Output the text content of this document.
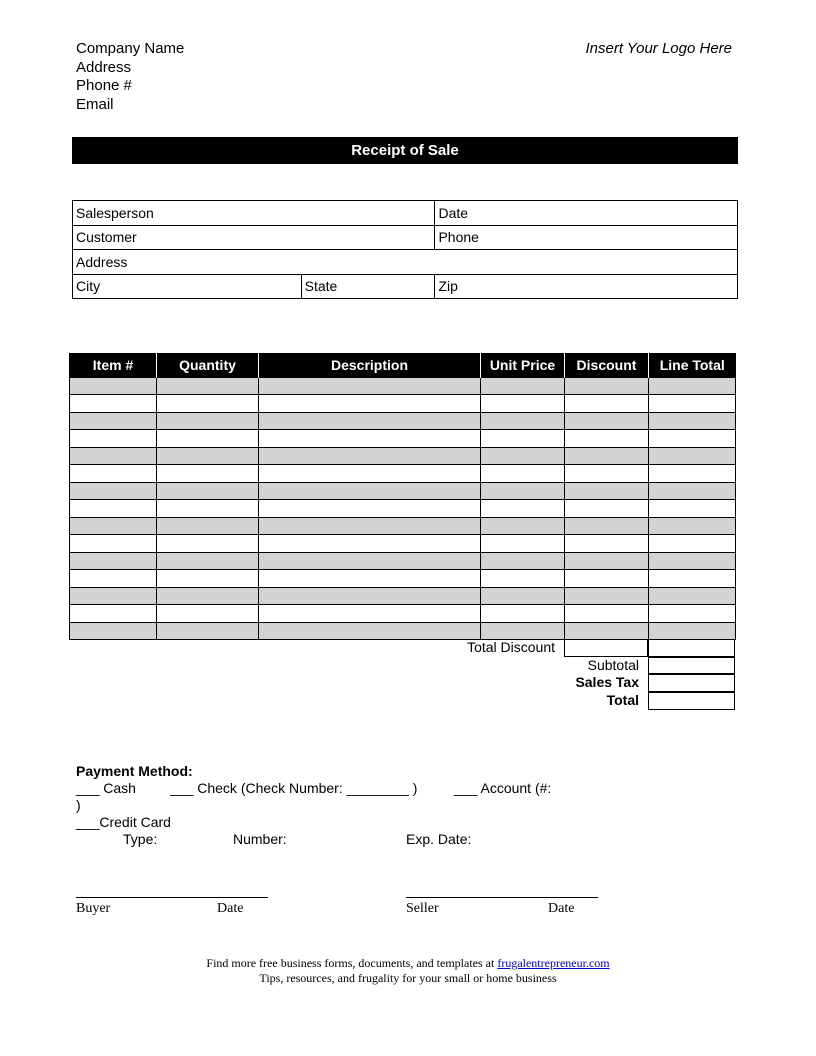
Company Name
Address
Phone #
Email
Insert Your Logo Here
Receipt of Sale
Salesperson		Date
Customer		Phone
Address		
City	State	Zip
Item #	Quantity	Description	Unit Price	Discount	Line Total

Total Discount
Subtotal
Sales Tax
Total
Payment Method:
___ Cash ___ Check (Check Number: ________ )	___ Account (#:
)
___Credit Card
Type:	Number:	Exp. Date:
Buyer	Date	Seller	Date
Find more free business forms, documents, and templates at frugalentrepreneur.com
Tips, resources, and frugality for your small or home business
